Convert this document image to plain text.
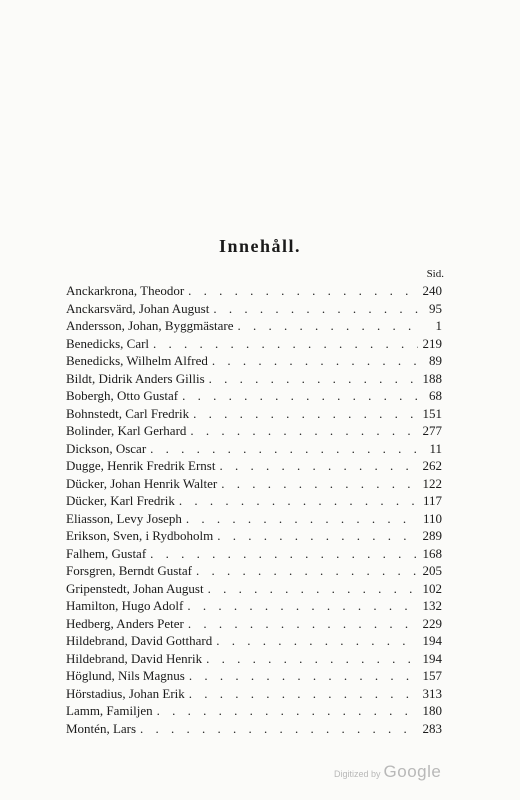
Innehåll.
Sid.
Anckarkrona, Theodor . . .	240
Anckarsvärd, Johan August . . .	95
Andersson, Johan, Byggmästare . . .	1
Benedicks, Carl . . .	219
Benedicks, Wilhelm Alfred . . .	89
Bildt, Didrik Anders Gillis . . .	188
Bobergh, Otto Gustaf . . .	68
Bohnstedt, Carl Fredrik . . .	151
Bolinder, Karl Gerhard . . .	277
Dickson, Oscar . . .	11
Dugge, Henrik Fredrik Ernst . . .	262
Dücker, Johan Henrik Walter . . .	122
Dücker, Karl Fredrik . . .	117
Eliasson, Levy Joseph . . .	110
Erikson, Sven, i Rydboholm . . .	289
Falhem, Gustaf . . .	168
Forsgren, Berndt Gustaf . . .	205
Gripenstedt, Johan August . . .	102
Hamilton, Hugo Adolf . . .	132
Hedberg, Anders Peter . . .	229
Hildebrand, David Gotthard . . .	194
Hildebrand, David Henrik . . .	194
Höglund, Nils Magnus . . .	157
Hörstadius, Johan Erik . . .	313
Lamm, Familjen . . .	180
Montén, Lars . . .	283
Digitized by Google
